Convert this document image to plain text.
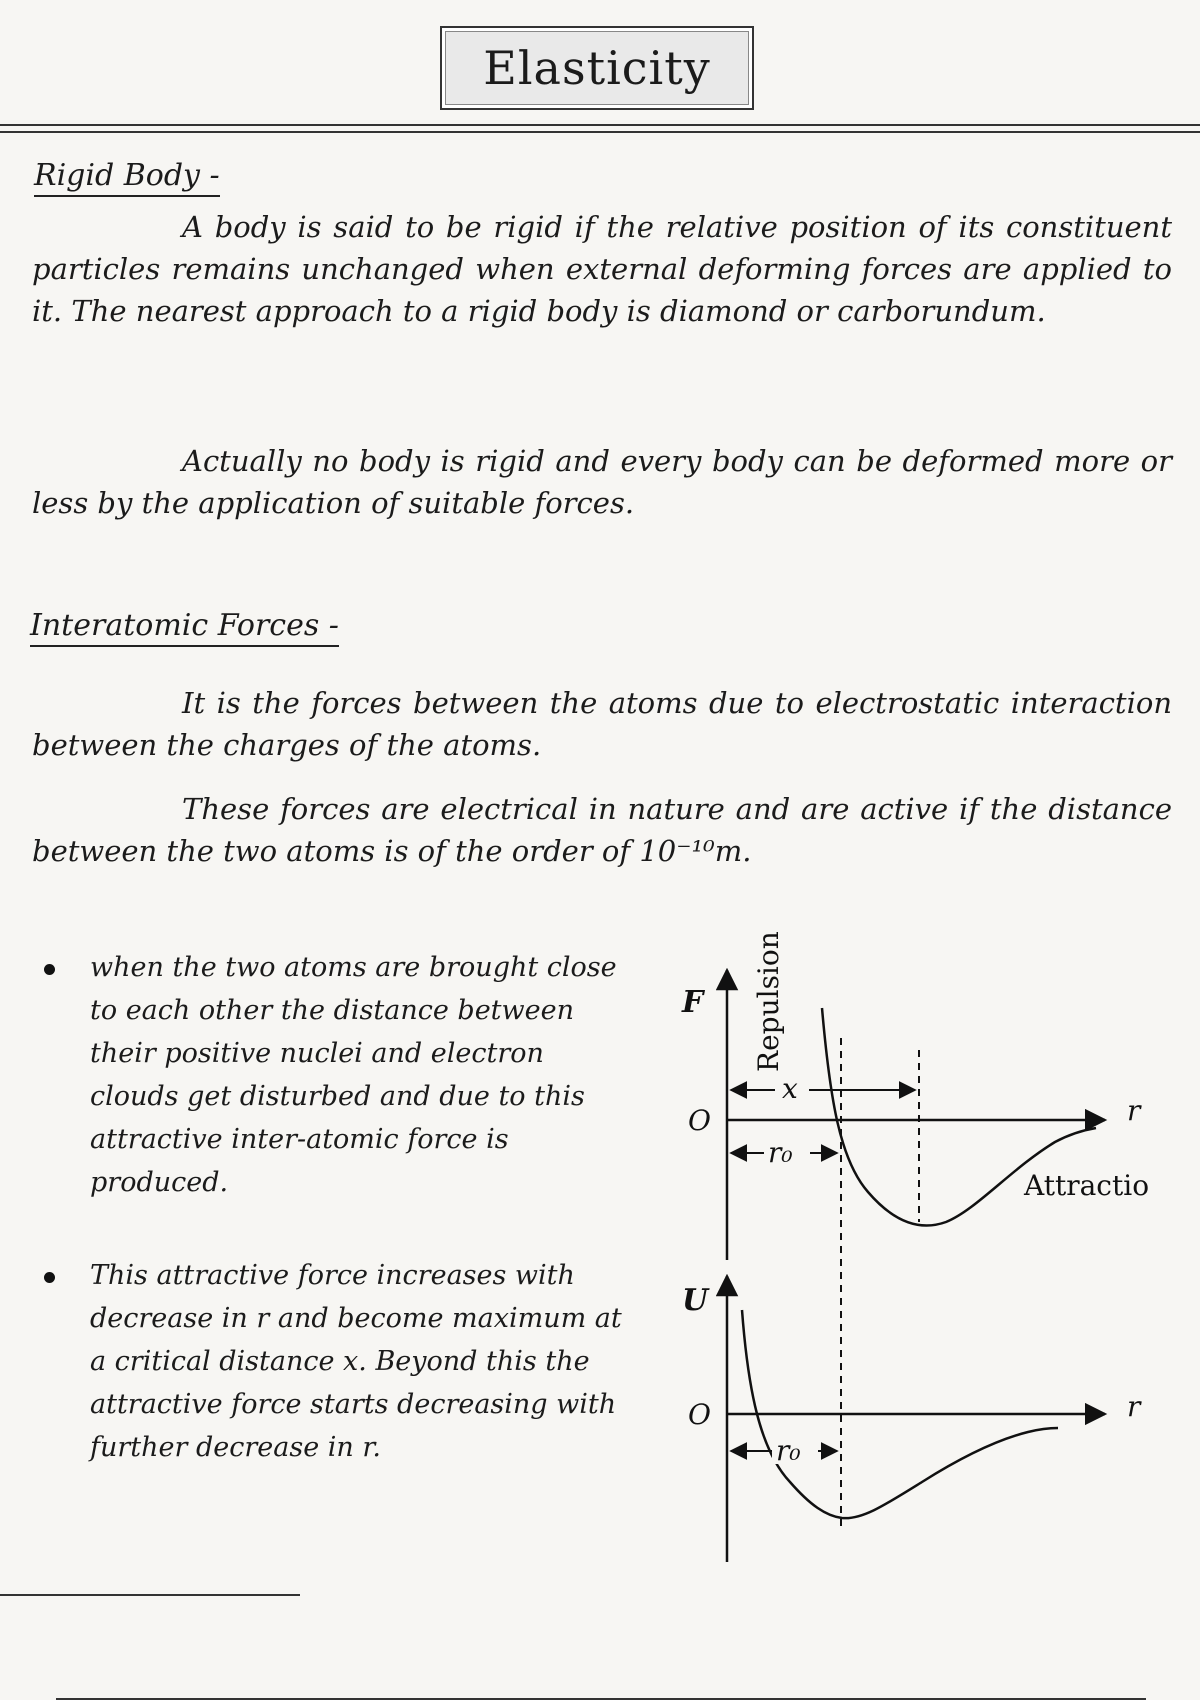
Elasticity
Rigid Body -
A body is said to be rigid if the relative position of its constituent particles remains unchanged when external deforming forces are applied to it. The nearest approach to a rigid body is diamond or carborundum.
Actually no body is rigid and every body can be deformed more or less by the application of suitable forces.
Interatomic Forces -
It is the forces between the atoms due to electrostatic interaction between the charges of the atoms.
These forces are electrical in nature and are active if the distance between the two atoms is of the order of 10⁻¹⁰m.
when the two atoms are brought close to each other the distance between their positive nuclei and electron clouds get disturbed and due to this attractive inter-atomic force is produced.
This attractive force increases with decrease in r and become maximum at a critical distance x. Beyond this the attractive force starts decreasing with further decrease in r.
F
O	r
Repulsion
Attractio
x
r₀
U
O	r
r₀
